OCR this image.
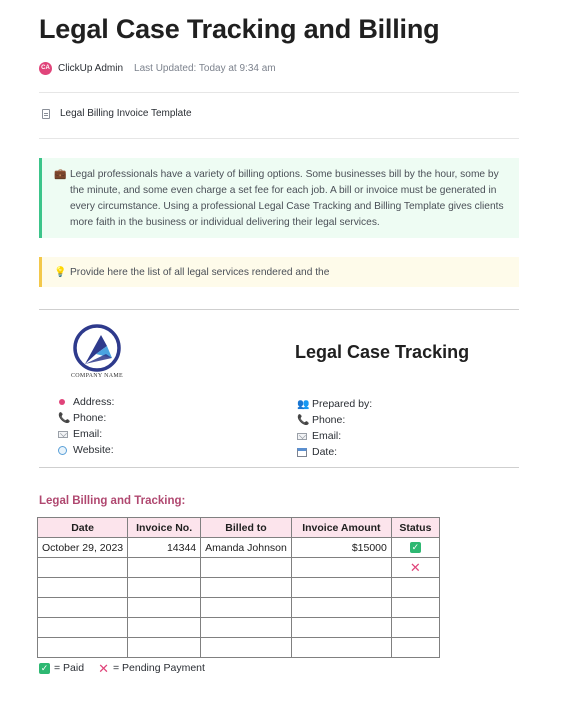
Legal Case Tracking and Billing
CA ClickUp Admin Last Updated: Today at 9:34 am
Legal Billing Invoice Template
💼 Legal professionals have a variety of billing options. Some businesses bill by the hour, some by the minute, and some even charge a set fee for each job. A bill or invoice must be generated in every circumstance. Using a professional Legal Case Tracking and Billing Template gives clients more faith in the business or individual delivering their legal services.
💡 Provide here the list of all legal services rendered and the
COMPANY NAME
Legal Case Tracking
Address:
📞 Phone:
Email:
Website:
👥 Prepared by:
📞 Phone:
Email:
Date:
Legal Billing and Tracking:
Date	Invoice No.	Billed to	Invoice Amount	Status
October 29, 2023	14344	Amanda Johnson	$15000	✓
				✕

✓ = Paid ✕ = Pending Payment
